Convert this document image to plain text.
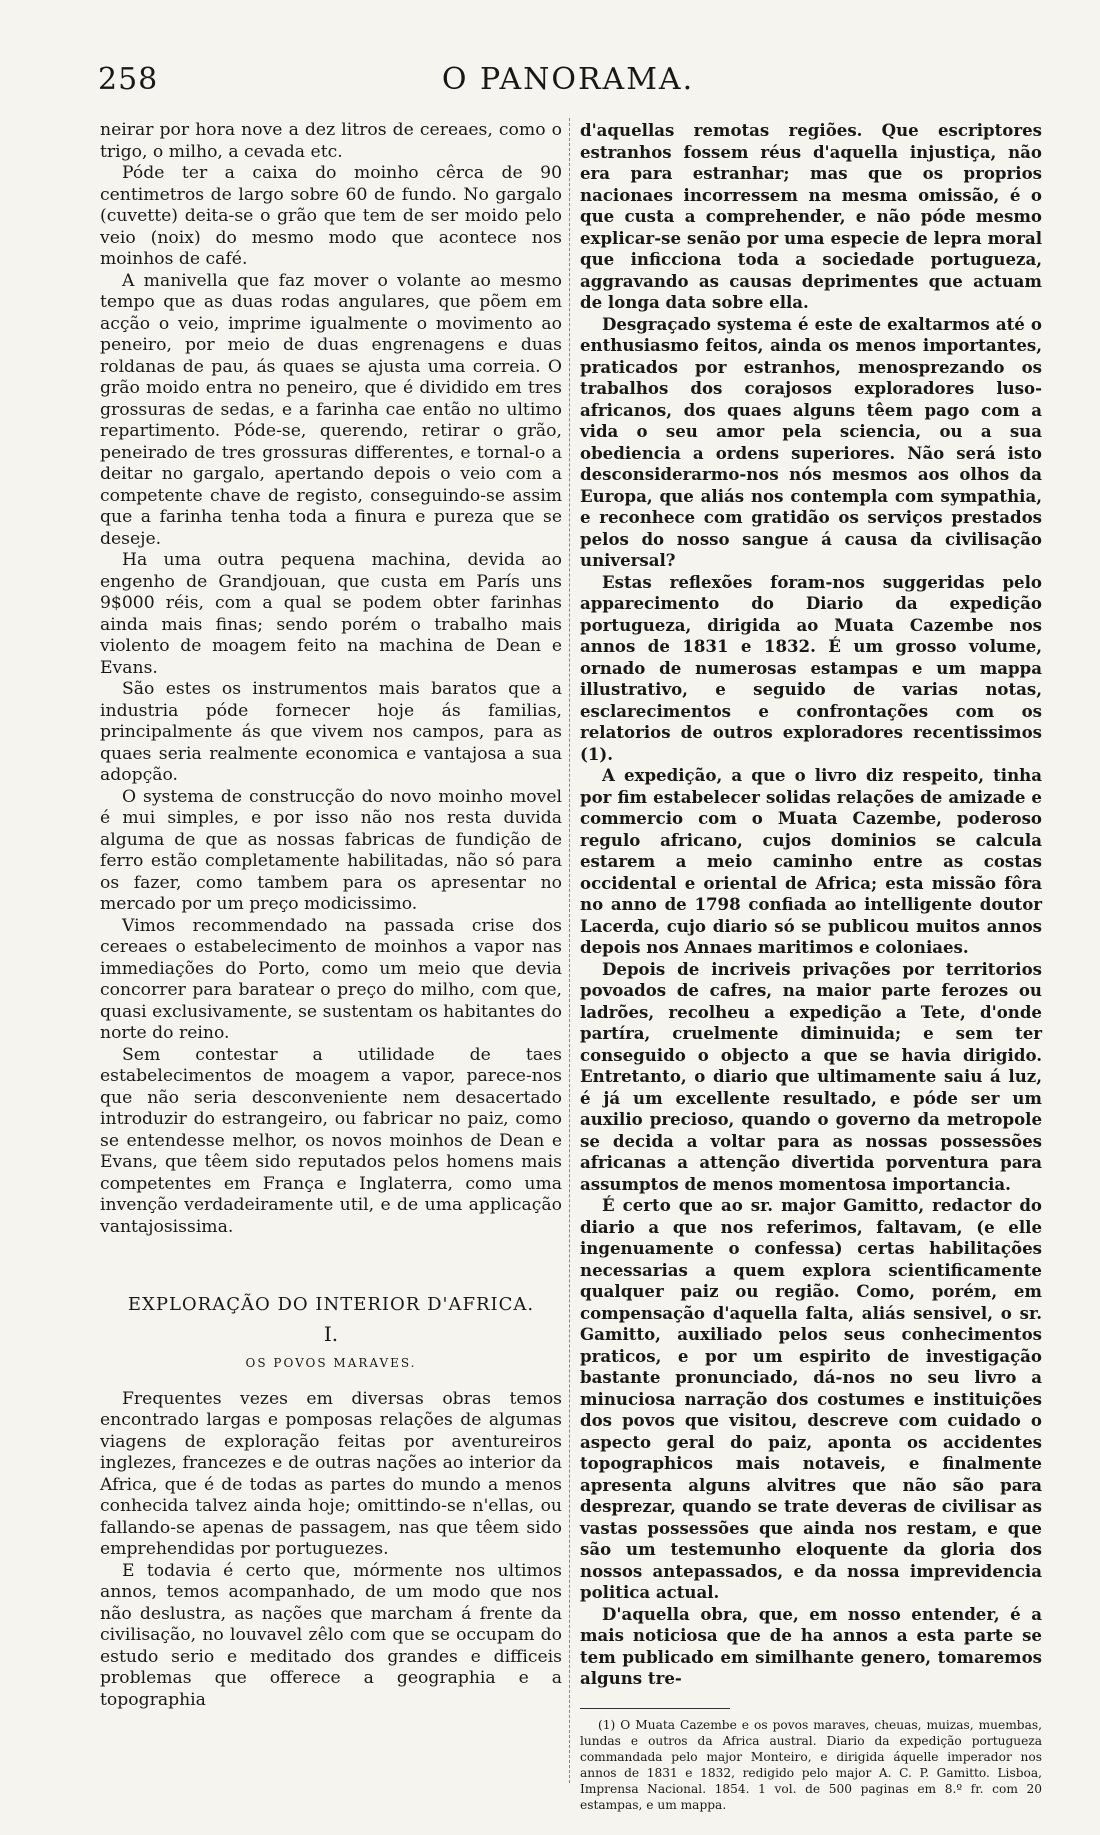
258	O PANORAMA.

neirar por hora nove a dez litros de cereaes, como o trigo, o milho, a cevada etc.

Póde ter a caixa do moinho cêrca de 90 centimetros de largo sobre 60 de fundo. No gargalo (cuvette) deita-se o grão que tem de ser moido pelo veio (noix) do mesmo modo que acontece nos moinhos de café.

A manivella que faz mover o volante ao mesmo tempo que as duas rodas angulares, que põem em acção o veio, imprime igualmente o movimento ao peneiro, por meio de duas engrenagens e duas roldanas de pau, ás quaes se ajusta uma correia. O grão moido entra no peneiro, que é dividido em tres grossuras de sedas, e a farinha cae então no ultimo repartimento. Póde-se, querendo, retirar o grão, peneirado de tres grossuras differentes, e tornal-o a deitar no gargalo, apertando depois o veio com a competente chave de registo, conseguindo-se assim que a farinha tenha toda a finura e pureza que se deseje.

Ha uma outra pequena machina, devida ao engenho de Grandjouan, que custa em París uns 9$000 réis, com a qual se podem obter farinhas ainda mais finas; sendo porém o trabalho mais violento de moagem feito na machina de Dean e Evans.

São estes os instrumentos mais baratos que a industria póde fornecer hoje ás familias, principalmente ás que vivem nos campos, para as quaes seria realmente economica e vantajosa a sua adopção.

O systema de construcção do novo moinho movel é mui simples, e por isso não nos resta duvida alguma de que as nossas fabricas de fundição de ferro estão completamente habilitadas, não só para os fazer, como tambem para os apresentar no mercado por um preço modicissimo.

Vimos recommendado na passada crise dos cereaes o estabelecimento de moinhos a vapor nas immediações do Porto, como um meio que devia concorrer para baratear o preço do milho, com que, quasi exclusivamente, se sustentam os habitantes do norte do reino.

Sem contestar a utilidade de taes estabelecimentos de moagem a vapor, parece-nos que não seria desconveniente nem desacertado introduzir do estrangeiro, ou fabricar no paiz, como se entendesse melhor, os novos moinhos de Dean e Evans, que têem sido reputados pelos homens mais competentes em França e Inglaterra, como uma invenção verdadeiramente util, e de uma applicação vantajosissima.

EXPLORAÇÃO DO INTERIOR D'AFRICA.
I.
OS POVOS MARAVES.

Frequentes vezes em diversas obras temos encontrado largas e pomposas relações de algumas viagens de exploração feitas por aventureiros inglezes, francezes e de outras nações ao interior da Africa, que é de todas as partes do mundo a menos conhecida talvez ainda hoje; omittindo-se n'ellas, ou fallando-se apenas de passagem, nas que têem sido emprehendidas por portuguezes.

E todavia é certo que, mórmente nos ultimos annos, temos acompanhado, de um modo que nos não deslustra, as nações que marcham á frente da civilisação, no louvavel zêlo com que se occupam do estudo serio e meditado dos grandes e difficeis problemas que offerece a geographia e a topographia

d'aquellas remotas regiões. Que escriptores estranhos fossem réus d'aquella injustiça, não era para estranhar; mas que os proprios nacionaes incorressem na mesma omissão, é o que custa a comprehender, e não póde mesmo explicar-se senão por uma especie de lepra moral que inficciona toda a sociedade portugueza, aggravando as causas deprimentes que actuam de longa data sobre ella.

Desgraçado systema é este de exaltarmos até o enthusiasmo feitos, ainda os menos importantes, praticados por estranhos, menosprezando os trabalhos dos corajosos exploradores luso-africanos, dos quaes alguns têem pago com a vida o seu amor pela sciencia, ou a sua obediencia a ordens superiores. Não será isto desconsiderarmo-nos nós mesmos aos olhos da Europa, que aliás nos contempla com sympathia, e reconhece com gratidão os serviços prestados pelos do nosso sangue á causa da civilisação universal?

Estas reflexões foram-nos suggeridas pelo apparecimento do Diario da expedição portugueza, dirigida ao Muata Cazembe nos annos de 1831 e 1832. É um grosso volume, ornado de numerosas estampas e um mappa illustrativo, e seguido de varias notas, esclarecimentos e confrontações com os relatorios de outros exploradores recentissimos (1).

A expedição, a que o livro diz respeito, tinha por fim estabelecer solidas relações de amizade e commercio com o Muata Cazembe, poderoso regulo africano, cujos dominios se calcula estarem a meio caminho entre as costas occidental e oriental de Africa; esta missão fôra no anno de 1798 confiada ao intelligente doutor Lacerda, cujo diario só se publicou muitos annos depois nos Annaes maritimos e coloniaes.

Depois de incriveis privações por territorios povoados de cafres, na maior parte ferozes ou ladrões, recolheu a expedição a Tete, d'onde partíra, cruelmente diminuida; e sem ter conseguido o objecto a que se havia dirigido. Entretanto, o diario que ultimamente saiu á luz, é já um excellente resultado, e póde ser um auxilio precioso, quando o governo da metropole se decida a voltar para as nossas possessões africanas a attenção divertida porventura para assumptos de menos momentosa importancia.

É certo que ao sr. major Gamitto, redactor do diario a que nos referimos, faltavam, (e elle ingenuamente o confessa) certas habilitações necessarias a quem explora scientificamente qualquer paiz ou região. Como, porém, em compensação d'aquella falta, aliás sensivel, o sr. Gamitto, auxiliado pelos seus conhecimentos praticos, e por um espirito de investigação bastante pronunciado, dá-nos no seu livro a minuciosa narração dos costumes e instituições dos povos que visitou, descreve com cuidado o aspecto geral do paiz, aponta os accidentes topographicos mais notaveis, e finalmente apresenta alguns alvitres que não são para desprezar, quando se trate deveras de civilisar as vastas possessões que ainda nos restam, e que são um testemunho eloquente da gloria dos nossos antepassados, e da nossa imprevidencia politica actual.

D'aquella obra, que, em nosso entender, é a mais noticiosa que de ha annos a esta parte se tem publicado em similhante genero, tomaremos alguns tre-

(1) O Muata Cazembe e os povos maraves, cheuas, muizas, muembas, lundas e outros da Africa austral. Diario da expedição portugueza commandada pelo major Monteiro, e dirigida áquelle imperador nos annos de 1831 e 1832, redigido pelo major A. C. P. Gamitto. Lisboa, Imprensa Nacional. 1854. 1 vol. de 500 paginas em 8.º fr. com 20 estampas, e um mappa.
